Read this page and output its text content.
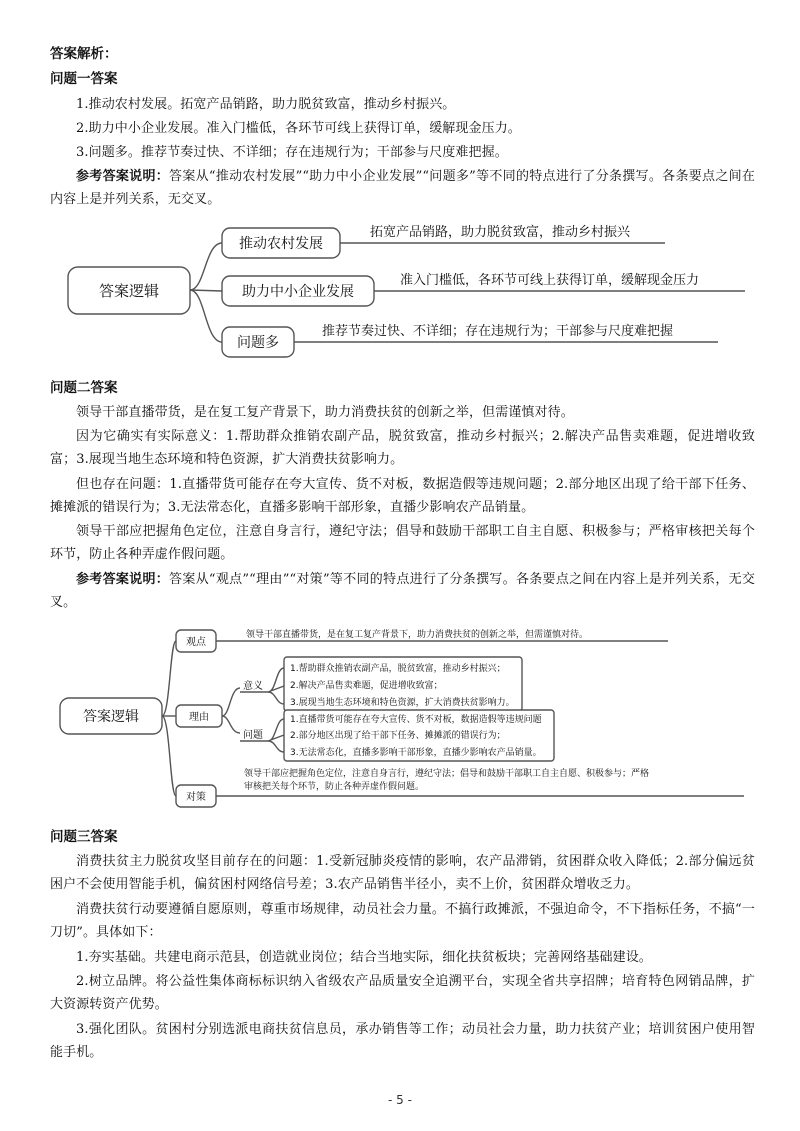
答案解析：
问题一答案

1.推动农村发展。拓宽产品销路，助力脱贫致富，推动乡村振兴。

2.助力中小企业发展。准入门槛低，各环节可线上获得订单，缓解现金压力。

3.问题多。推荐节奏过快、不详细；存在违规行为；干部参与尺度难把握。

参考答案说明：答案从“推动农村发展”“助力中小企业发展”“问题多”等不同的特点进行了分条撰写。各条要点之间在内容上是并列关系，无交叉。

答案逻辑
推动农村发展
拓宽产品销路，助力脱贫致富，推动乡村振兴
助力中小企业发展
准入门槛低，各环节可线上获得订单，缓解现金压力
问题多
推荐节奏过快、不详细；存在违规行为；干部参与尺度难把握
问题二答案

领导干部直播带货，是在复工复产背景下，助力消费扶贫的创新之举，但需谨慎对待。

因为它确实有实际意义：1.帮助群众推销农副产品，脱贫致富，推动乡村振兴；2.解决产品售卖难题，促进增收致富；3.展现当地生态环境和特色资源，扩大消费扶贫影响力。

但也存在问题：1.直播带货可能存在夸大宣传、货不对板，数据造假等违规问题；2.部分地区出现了给干部下任务、摊摊派的错误行为；3.无法常态化，直播多影响干部形象，直播少影响农产品销量。

领导干部应把握角色定位，注意自身言行，遵纪守法；倡导和鼓励干部职工自主自愿、积极参与；严格审核把关每个环节，防止各种弄虚作假问题。

参考答案说明：答案从“观点”“理由”“对策”等不同的特点进行了分条撰写。各条要点之间在内容上是并列关系，无交叉。

答案逻辑
观点
领导干部直播带货，是在复工复产背景下，助力消费扶贫的创新之举，但需谨慎对待。
理由
意义
1.帮助群众推销农副产品，脱贫致富，推动乡村振兴；
2.解决产品售卖难题，促进增收致富；
3.展现当地生态环境和特色资源，扩大消费扶贫影响力。
问题
1.直播带货可能存在夸大宣传、货不对板，数据造假等违规问题
2.部分地区出现了给干部下任务、摊摊派的错误行为；
3.无法常态化，直播多影响干部形象，直播少影响农产品销量。
对策
领导干部应把握角色定位，注意自身言行，遵纪守法；倡导和鼓励干部职工自主自愿、积极参与；严格
审核把关每个环节，防止各种弄虚作假问题。
问题三答案

消费扶贫主力脱贫攻坚目前存在的问题：1.受新冠肺炎疫情的影响，农产品滞销，贫困群众收入降低；2.部分偏远贫困户不会使用智能手机，偏贫困村网络信号差；3.农产品销售半径小，卖不上价，贫困群众增收乏力。

消费扶贫行动要遵循自愿原则，尊重市场规律，动员社会力量。不搞行政摊派，不强迫命令，不下指标任务，不搞“一刀切”。具体如下：

1.夯实基础。共建电商示范县，创造就业岗位；结合当地实际，细化扶贫板块；完善网络基础建设。

2.树立品牌。将公益性集体商标标识纳入省级农产品质量安全追溯平台，实现全省共享招牌；培育特色网销品牌，扩大资源转资产优势。

3.强化团队。贫困村分别选派电商扶贫信息员，承办销售等工作；动员社会力量，助力扶贫产业；培训贫困户使用智能手机。

- 5 -
